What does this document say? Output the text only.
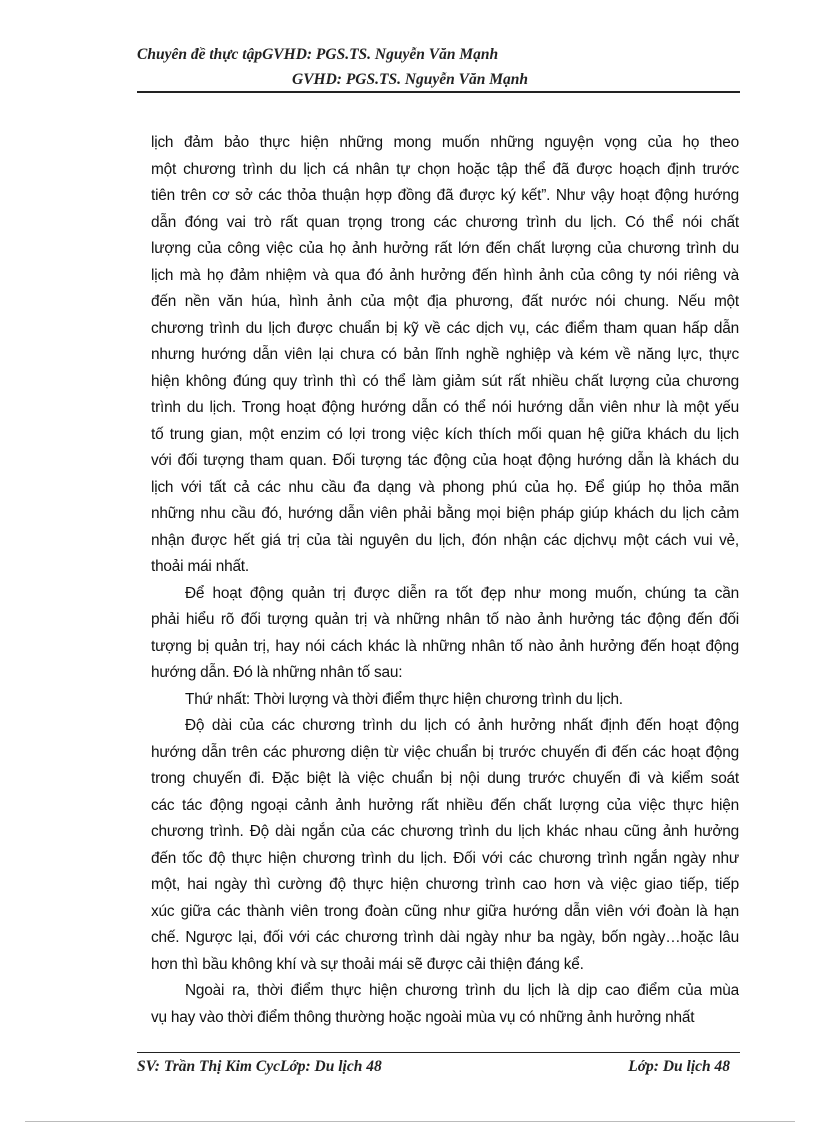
Chuyên đề thực tậpGVHD: PGS.TS. Nguyễn Văn Mạnh
GVHD: PGS.TS. Nguyễn Văn Mạnh
lịch đảm bảo thực hiện những mong muốn những nguyện vọng của họ theo
một chương trình du lịch cá nhân tự chọn hoặc tập thể đã được hoạch định trước
tiên trên cơ sở các thỏa thuận hợp đồng đã được ký kết”. Như vậy hoạt động hướng
dẫn đóng vai trò rất quan trọng trong các chương trình du lịch. Có thể nói chất
lượng của công việc của họ ảnh hưởng rất lớn đến chất lượng của chương trình du
lịch mà họ đảm nhiệm và qua đó ảnh hưởng đến hình ảnh của công ty nói riêng và
đến nền văn húa, hình ảnh của một địa phương, đất nước nói chung. Nếu một
chương trình du lịch được chuẩn bị kỹ về các dịch vụ, các điểm tham quan hấp dẫn
nhưng hướng dẫn viên lại chưa có bản lĩnh nghề nghiệp và kém về năng lực, thực
hiện không đúng quy trình thì có thể làm giảm sút rất nhiều chất lượng của chương
trình du lịch. Trong hoạt động hướng dẫn có thể nói hướng dẫn viên như là một yếu
tố trung gian, một enzim có lợi trong việc kích thích mối quan hệ giữa khách du lịch
với đối tượng tham quan. Đối tượng tác động của hoạt động hướng dẫn là khách du
lịch với tất cả các nhu cầu đa dạng và phong phú của họ. Để giúp họ thỏa mãn
những nhu cầu đó, hướng dẫn viên phải bằng mọi biện pháp giúp khách du lịch cảm
nhận được hết giá trị của tài nguyên du lịch, đón nhận các dịchvụ một cách vui vẻ,
thoải mái nhất.
Để hoạt động quản trị được diễn ra tốt đẹp như mong muốn, chúng ta cần
phải hiểu rõ đối tượng quản trị và những nhân tố nào ảnh hưởng tác động đến đối
tượng bị quản trị, hay nói cách khác là những nhân tố nào ảnh hưởng đến hoạt động
hướng dẫn. Đó là những nhân tố sau:
Thứ nhất: Thời lượng và thời điểm thực hiện chương trình du lịch.
Độ dài của các chương trình du lịch có ảnh hưởng nhất định đến hoạt động
hướng dẫn trên các phương diện từ việc chuẩn bị trước chuyến đi đến các hoạt động
trong chuyến đi. Đặc biệt là việc chuẩn bị nội dung trước chuyến đi và kiểm soát
các tác động ngoại cảnh ảnh hưởng rất nhiều đến chất lượng của việc thực hiện
chương trình. Độ dài ngắn của các chương trình du lịch khác nhau cũng ảnh hưởng
đến tốc độ thực hiện chương trình du lịch. Đối với các chương trình ngắn ngày như
một, hai ngày thì cường độ thực hiện chương trình cao hơn và việc giao tiếp, tiếp
xúc giữa các thành viên trong đoàn cũng như giữa hướng dẫn viên với đoàn là hạn
chế. Ngược lại, đối với các chương trình dài ngày như ba ngày, bốn ngày…hoặc lâu
hơn thì bầu không khí và sự thoải mái sẽ được cải thiện đáng kể.
Ngoài ra, thời điểm thực hiện chương trình du lịch là dịp cao điểm của mùa
vụ hay vào thời điểm thông thường hoặc ngoài mùa vụ có những ảnh hưởng nhất
SV: Trần Thị Kim CycLớp: Du lịch 48	Lớp: Du lịch 48
